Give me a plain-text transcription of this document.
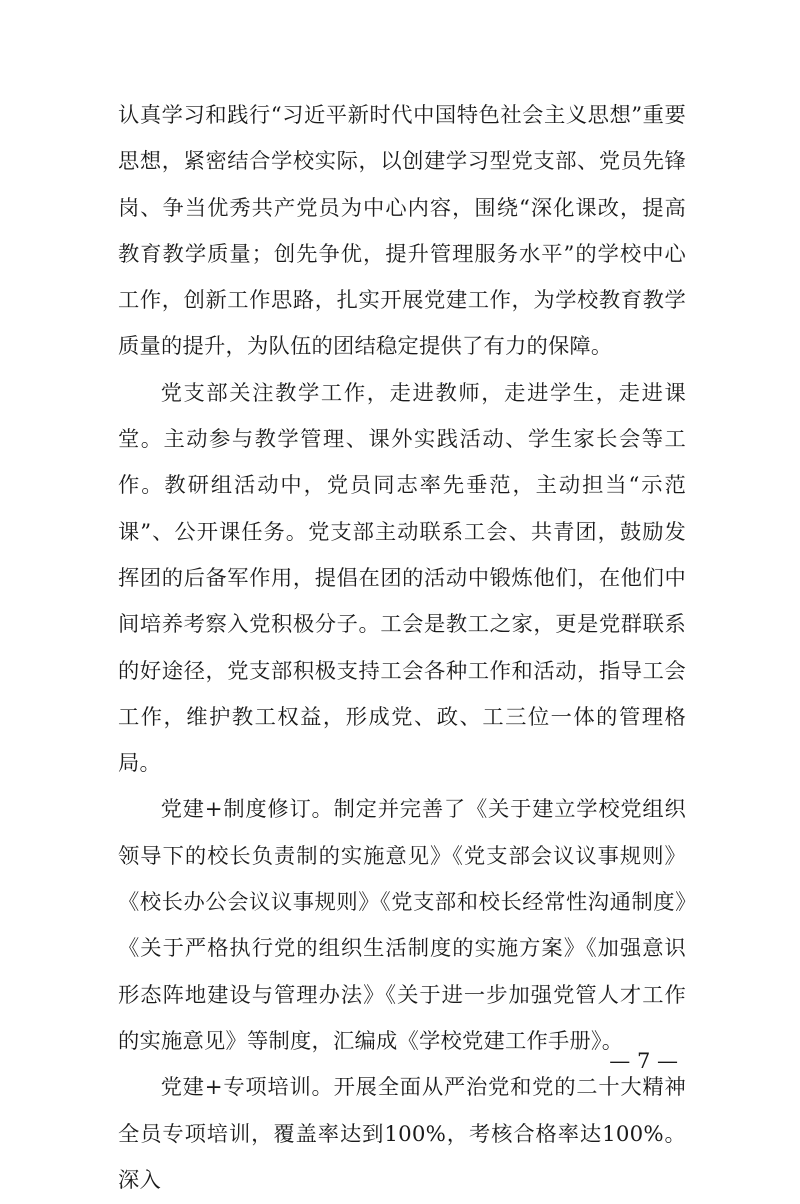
认真学习和践行“习近平新时代中国特色社会主义思想”重要思想，紧密结合学校实际，以创建学习型党支部、党员先锋岗、争当优秀共产党员为中心内容，围绕“深化课改，提高教育教学质量；创先争优，提升管理服务水平”的学校中心工作，创新工作思路，扎实开展党建工作，为学校教育教学质量的提升，为队伍的团结稳定提供了有力的保障。

党支部关注教学工作，走进教师，走进学生，走进课堂。主动参与教学管理、课外实践活动、学生家长会等工作。教研组活动中，党员同志率先垂范，主动担当“示范课”、公开课任务。党支部主动联系工会、共青团，鼓励发挥团的后备军作用，提倡在团的活动中锻炼他们，在他们中间培养考察入党积极分子。工会是教工之家，更是党群联系的好途径，党支部积极支持工会各种工作和活动，指导工会工作，维护教工权益，形成党、政、工三位一体的管理格局。

党建+制度修订。制定并完善了《关于建立学校党组织领导下的校长负责制的实施意见》《党支部会议议事规则》《校长办公会议议事规则》《党支部和校长经常性沟通制度》《关于严格执行党的组织生活制度的实施方案》《加强意识形态阵地建设与管理办法》《关于进一步加强党管人才工作的实施意见》等制度，汇编成《学校党建工作手册》。

党建+专项培训。开展全面从严治党和党的二十大精神全员专项培训，覆盖率达到100%，考核合格率达100%。深入

— 7 —
